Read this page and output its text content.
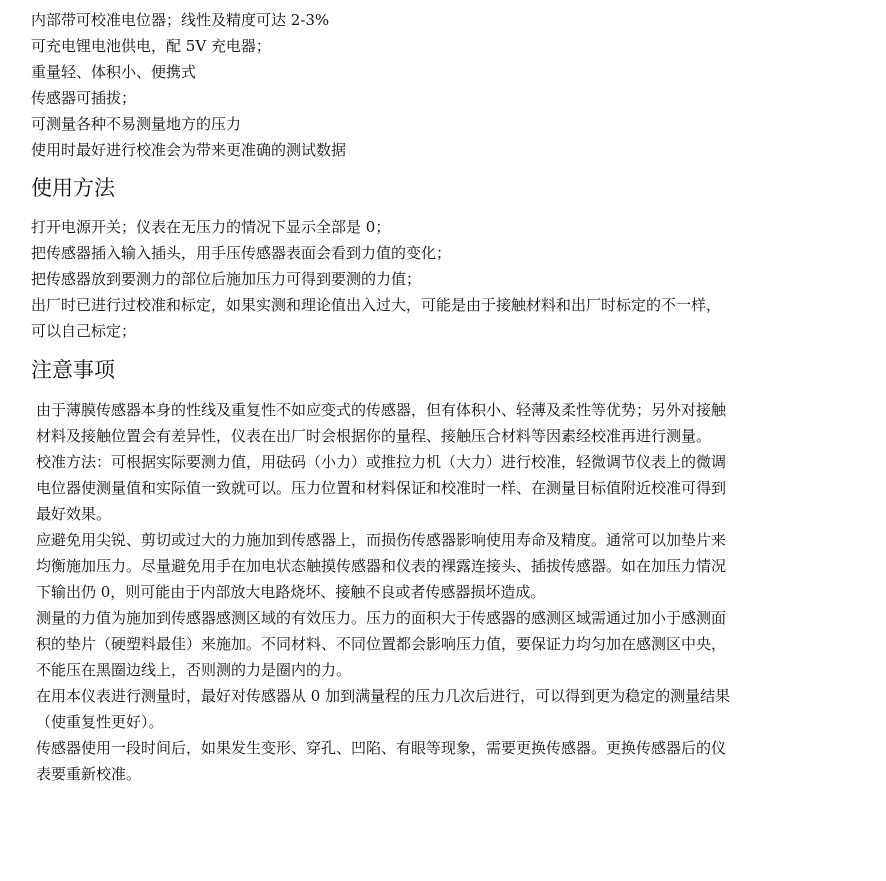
内部带可校准电位器；线性及精度可达 2-3%
可充电锂电池供电，配 5V 充电器；
重量轻、体积小、便携式
传感器可插拔；
可测量各种不易测量地方的压力
使用时最好进行校准会为带来更准确的测试数据
使用方法
打开电源开关；仪表在无压力的情况下显示全部是 0；
把传感器插入输入插头，用手压传感器表面会看到力值的变化；
把传感器放到要测力的部位后施加压力可得到要测的力值；
出厂时已进行过校准和标定，如果实测和理论值出入过大，可能是由于接触材料和出厂时标定的不一样，
可以自己标定；
注意事项
由于薄膜传感器本身的性线及重复性不如应变式的传感器，但有体积小、轻薄及柔性等优势；另外对接触
材料及接触位置会有差异性，仪表在出厂时会根据你的量程、接触压合材料等因素经校准再进行测量。
校准方法：可根据实际要测力值，用砝码（小力）或推拉力机（大力）进行校准，轻微调节仪表上的微调
电位器使测量值和实际值一致就可以。压力位置和材料保证和校准时一样、在测量目标值附近校准可得到
最好效果。
应避免用尖锐、剪切或过大的力施加到传感器上，而损伤传感器影响使用寿命及精度。通常可以加垫片来
均衡施加压力。尽量避免用手在加电状态触摸传感器和仪表的裸露连接头、插拔传感器。如在加压力情况
下输出仍 0，则可能由于内部放大电路烧坏、接触不良或者传感器损坏造成。
测量的力值为施加到传感器感测区域的有效压力。压力的面积大于传感器的感测区域需通过加小于感测面
积的垫片（硬塑料最佳）来施加。不同材料、不同位置都会影响压力值，要保证力均匀加在感测区中央，
不能压在黑圈边线上，否则测的力是圈内的力。
在用本仪表进行测量时，最好对传感器从 0 加到满量程的压力几次后进行，可以得到更为稳定的测量结果
（使重复性更好）。
传感器使用一段时间后，如果发生变形、穿孔、凹陷、有眼等现象，需要更换传感器。更换传感器后的仪
表要重新校准。
